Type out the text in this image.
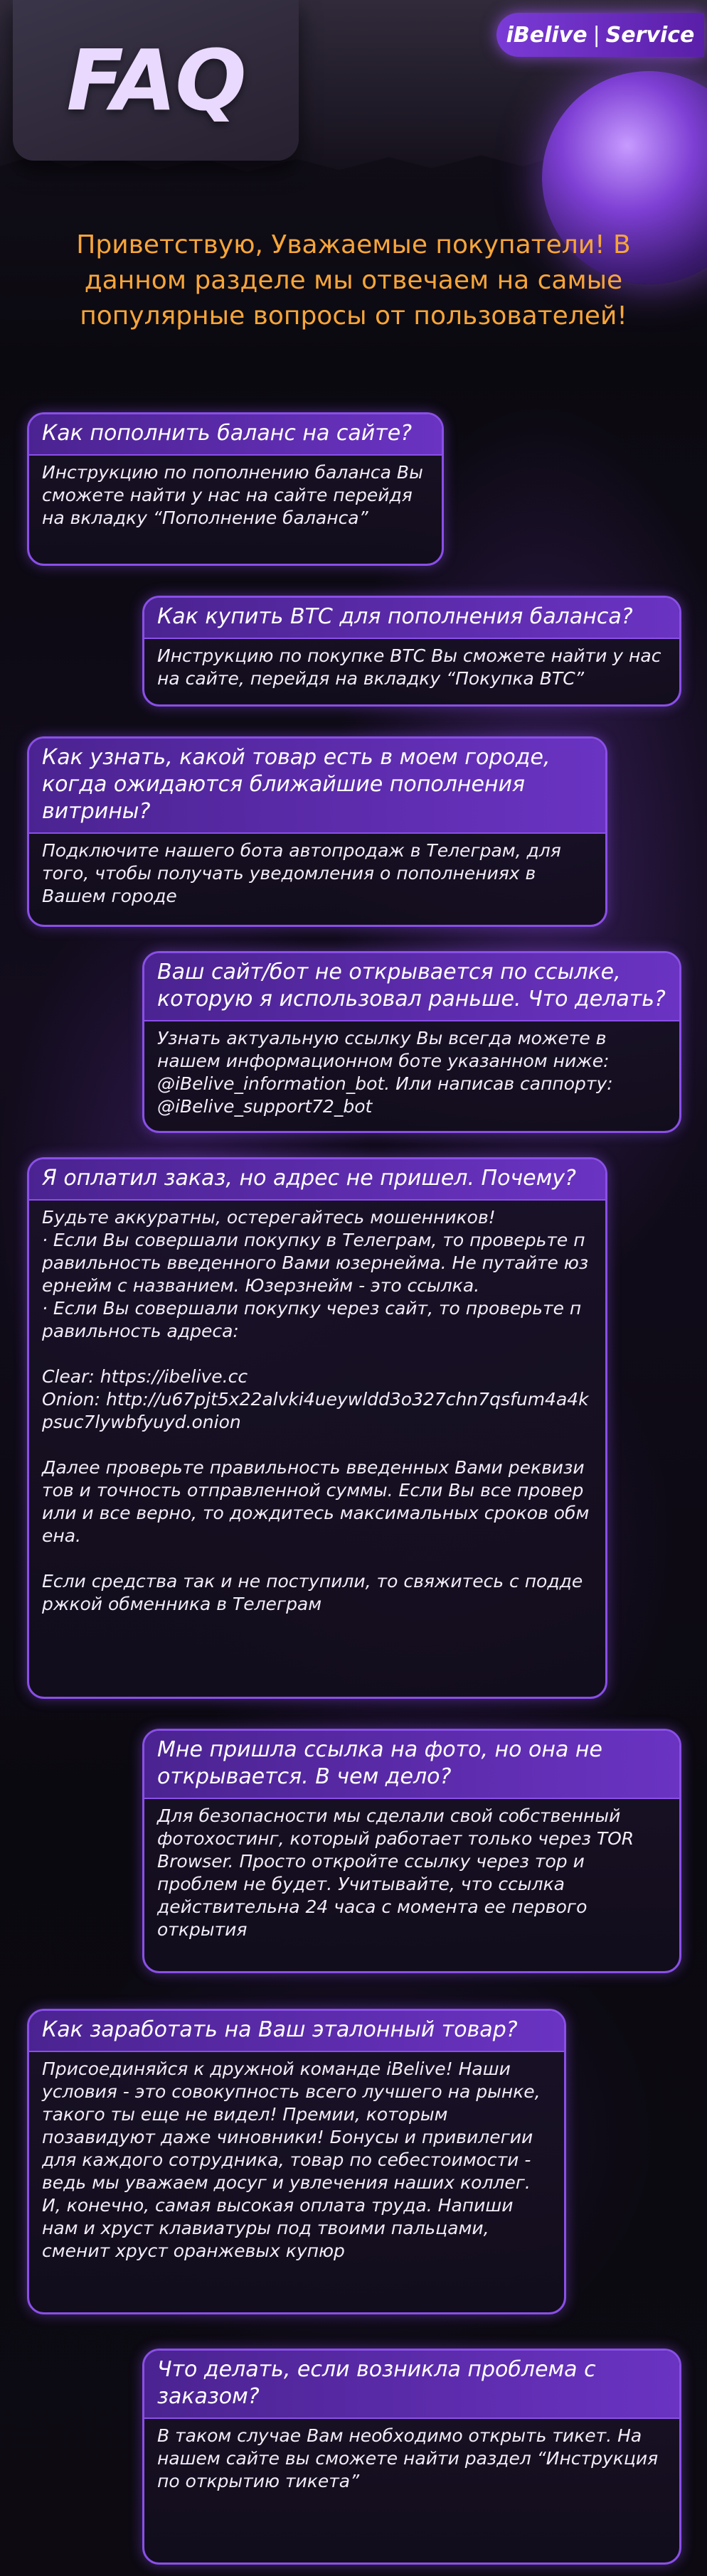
FAQ	iBelive | Service
Приветствую, Уважаемые покупатели! В данном разделе мы отвечаем на самые популярные вопросы от пользователей!
Как пополнить баланс на сайте?
Инструкцию по пополнению баланса Вы сможете найти у нас на сайте перейдя на вкладку “Пополнение баланса”
Как купить BTC для пополнения баланса?
Инструкцию по покупке BTC Вы сможете найти у нас на сайте, перейдя на вкладку “Покупка BTC”
Как узнать, какой товар есть в моем городе, когда ожидаются ближайшие пополнения витрины?
Подключите нашего бота автопродаж в Телеграм, для того, чтобы получать уведомления о пополнениях в Вашем городе
Ваш сайт/бот не открывается по ссылке, которую я использовал раньше. Что делать?
Узнать актуальную ссылку Вы всегда можете в нашем информационном боте указанном ниже: @iBelive_information_bot. Или написав саппорту: @iBelive_support72_bot
Я оплатил заказ, но адрес не пришел. Почему?
Будьте аккуратны, остерегайтесь мошенников!
· Если Вы совершали покупку в Телеграм, то проверьте правильность введенного Вами юзернейма. Не путайте юзернейм с названием. Юзерзнейм - это ссылка.
· Если Вы совершали покупку через сайт, то проверьте правильность адреса:

Clear: https://ibelive.cc
Onion: http://u67pjt5x22alvki4ueywldd3o327chn7qsfum4a4kpsuc7lywbfyuyd.onion

Далее проверьте правильность введенных Вами реквизитов и точность отправленной суммы. Если Вы все проверили и все верно, то дождитесь максимальных сроков обмена.

Если средства так и не поступили, то свяжитесь с поддержкой обменника в Телеграм
Мне пришла ссылка на фото, но она не открывается. В чем дело?
Для безопасности мы сделали свой собственный фотохостинг, который работает только через TOR Browser. Просто откройте ссылку через тор и проблем не будет. Учитывайте, что ссылка действительна 24 часа с момента ее первого открытия
Как заработать на Ваш эталонный товар?
Присоединяйся к дружной команде iBelive! Наши условия - это совокупность всего лучшего на рынке, такого ты еще не видел! Премии, которым позавидуют даже чиновники! Бонусы и привилегии для каждого сотрудника, товар по себестоимости - ведь мы уважаем досуг и увлечения наших коллег. И, конечно, самая высокая оплата труда. Напиши нам и хруст клавиатуры под твоими пальцами, сменит хруст оранжевых купюр
Что делать, если возникла проблема с заказом?
В таком случае Вам необходимо открыть тикет. На нашем сайте вы сможете найти раздел “Инструкция по открытию тикета”
